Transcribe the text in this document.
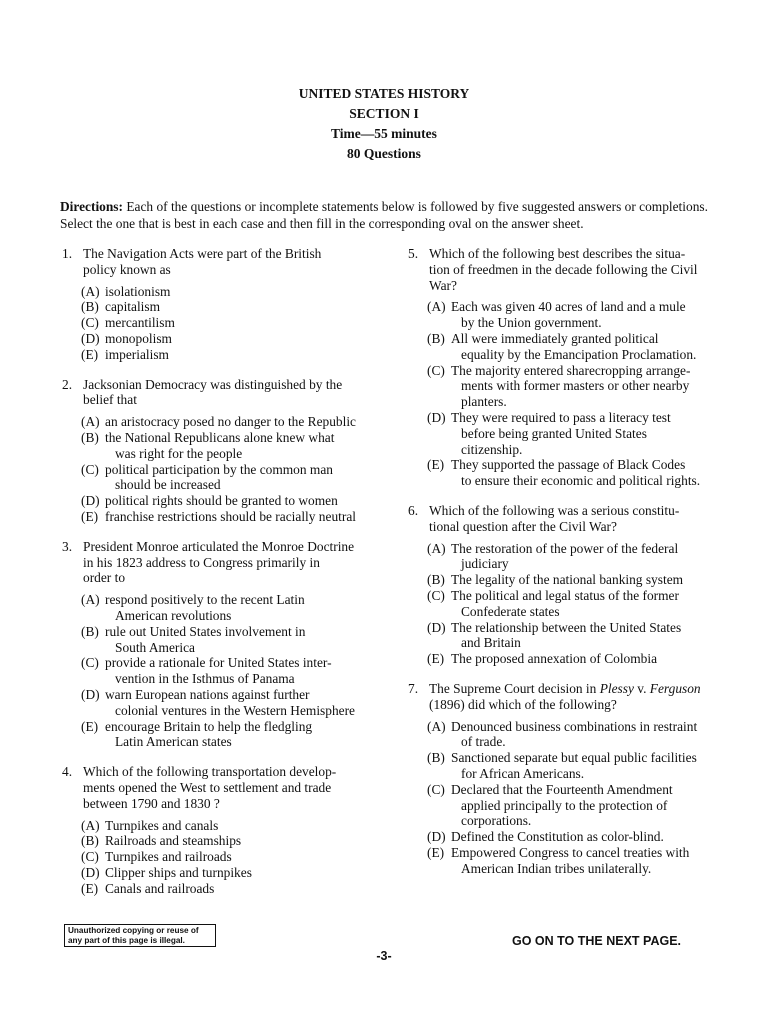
UNITED STATES HISTORY
SECTION I
Time—55 minutes
80 Questions
Directions: Each of the questions or incomplete statements below is followed by five suggested answers or completions. Select the one that is best in each case and then fill in the corresponding oval on the answer sheet.
1. The Navigation Acts were part of the British
policy known as
(A) isolationism
(B) capitalism
(C) mercantilism
(D) monopolism
(E) imperialism
2. Jacksonian Democracy was distinguished by the
belief that
(A) an aristocracy posed no danger to the Republic
(B) the National Republicans alone knew what
was right for the people
(C) political participation by the common man
should be increased
(D) political rights should be granted to women
(E) franchise restrictions should be racially neutral
3. President Monroe articulated the Monroe Doctrine
in his 1823 address to Congress primarily in
order to
(A) respond positively to the recent Latin
American revolutions
(B) rule out United States involvement in
South America
(C) provide a rationale for United States inter-
vention in the Isthmus of Panama
(D) warn European nations against further
colonial ventures in the Western Hemisphere
(E) encourage Britain to help the fledgling
Latin American states
4. Which of the following transportation develop-
ments opened the West to settlement and trade
between 1790 and 1830 ?
(A) Turnpikes and canals
(B) Railroads and steamships
(C) Turnpikes and railroads
(D) Clipper ships and turnpikes
(E) Canals and railroads
5. Which of the following best describes the situa-
tion of freedmen in the decade following the Civil
War?
(A) Each was given 40 acres of land and a mule
by the Union government.
(B) All were immediately granted political
equality by the Emancipation Proclamation.
(C) The majority entered sharecropping arrange-
ments with former masters or other nearby
planters.
(D) They were required to pass a literacy test
before being granted United States
citizenship.
(E) They supported the passage of Black Codes
to ensure their economic and political rights.
6. Which of the following was a serious constitu-
tional question after the Civil War?
(A) The restoration of the power of the federal
judiciary
(B) The legality of the national banking system
(C) The political and legal status of the former
Confederate states
(D) The relationship between the United States
and Britain
(E) The proposed annexation of Colombia
7. The Supreme Court decision in Plessy v. Ferguson
(1896) did which of the following?
(A) Denounced business combinations in restraint
of trade.
(B) Sanctioned separate but equal public facilities
for African Americans.
(C) Declared that the Fourteenth Amendment
applied principally to the protection of
corporations.
(D) Defined the Constitution as color-blind.
(E) Empowered Congress to cancel treaties with
American Indian tribes unilaterally.
Unauthorized copying or reuse of
any part of this page is illegal.	GO ON TO THE NEXT PAGE.
-3-
